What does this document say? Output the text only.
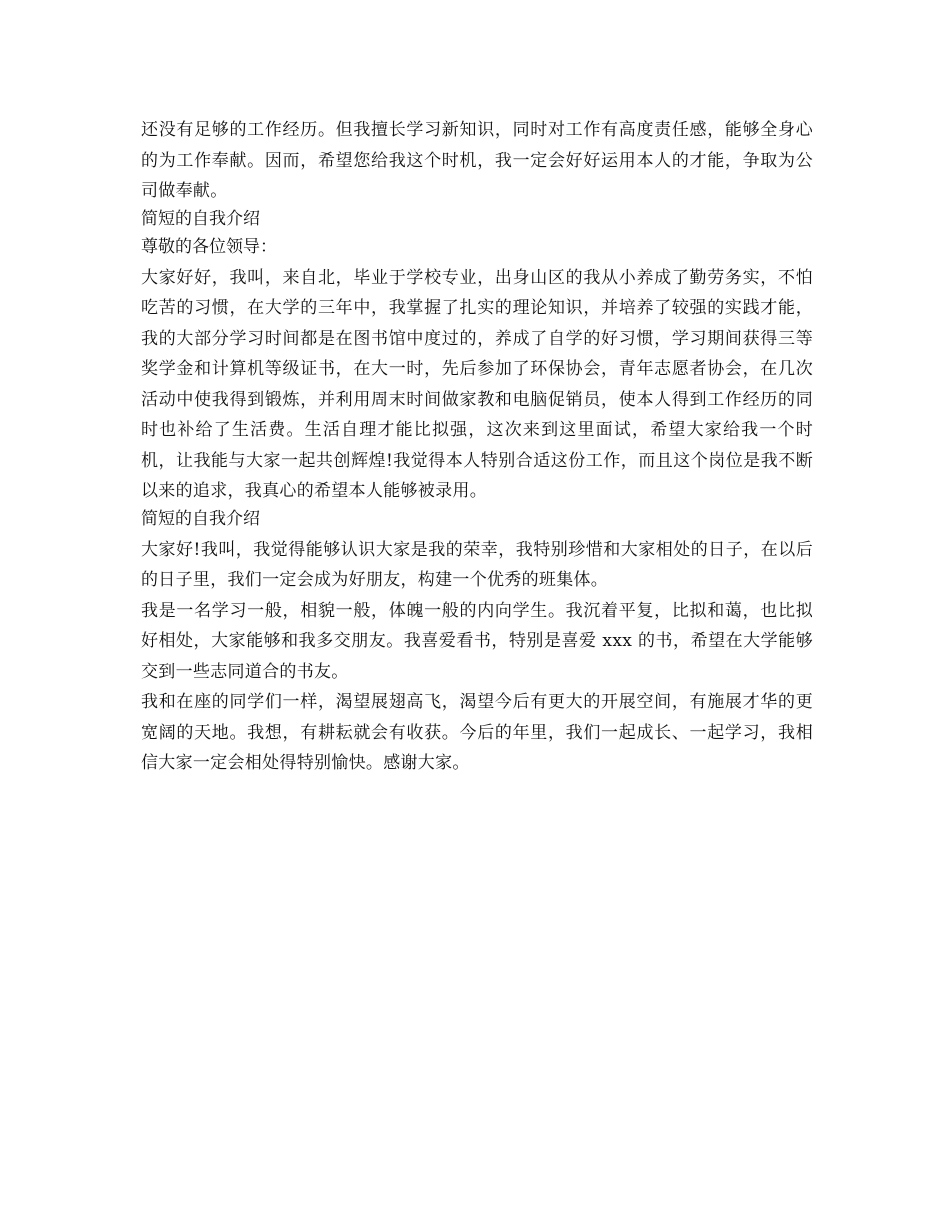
还没有足够的工作经历。但我擅长学习新知识，同时对工作有高度责任感，能够全身心的为工作奉献。因而，希望您给我这个时机，我一定会好好运用本人的才能，争取为公司做奉献。

简短的自我介绍

尊敬的各位领导：

大家好好，我叫，来自北，毕业于学校专业，出身山区的我从小养成了勤劳务实，不怕吃苦的习惯，在大学的三年中，我掌握了扎实的理论知识，并培养了较强的实践才能，我的大部分学习时间都是在图书馆中度过的，养成了自学的好习惯，学习期间获得三等奖学金和计算机等级证书，在大一时，先后参加了环保协会，青年志愿者协会，在几次活动中使我得到锻炼，并利用周末时间做家教和电脑促销员，使本人得到工作经历的同时也补给了生活费。生活自理才能比拟强，这次来到这里面试，希望大家给我一个时机，让我能与大家一起共创辉煌!我觉得本人特别合适这份工作，而且这个岗位是我不断以来的追求，我真心的希望本人能够被录用。

简短的自我介绍

大家好!我叫，我觉得能够认识大家是我的荣幸，我特别珍惜和大家相处的日子，在以后的日子里，我们一定会成为好朋友，构建一个优秀的班集体。

我是一名学习一般，相貌一般，体魄一般的内向学生。我沉着平复，比拟和蔼，也比拟好相处，大家能够和我多交朋友。我喜爱看书，特别是喜爱 xxx 的书，希望在大学能够交到一些志同道合的书友。

我和在座的同学们一样，渴望展翅高飞，渴望今后有更大的开展空间，有施展才华的更宽阔的天地。我想，有耕耘就会有收获。今后的年里，我们一起成长、一起学习，我相信大家一定会相处得特别愉快。感谢大家。
